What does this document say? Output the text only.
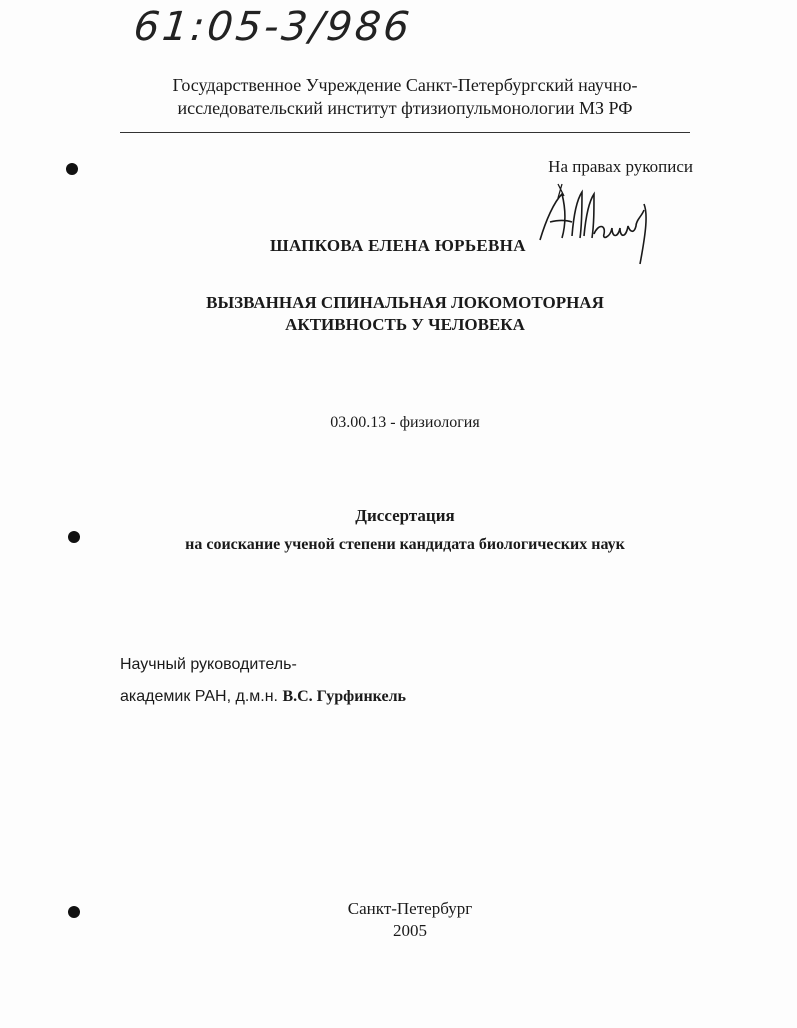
61:05-3/986
Государственное Учреждение Санкт-Петербургский научно-
исследовательский институт фтизиопульмонологии МЗ РФ
На правах рукописи
ШАПКОВА ЕЛЕНА ЮРЬЕВНА
ВЫЗВАННАЯ СПИНАЛЬНАЯ ЛОКОМОТОРНАЯ
АКТИВНОСТЬ У ЧЕЛОВЕКА
03.00.13 - физиология
Диссертация
на соискание ученой степени кандидата биологических наук
Научный руководитель-
академик РАН, д.м.н. В.С. Гурфинкель
Санкт-Петербург
2005
